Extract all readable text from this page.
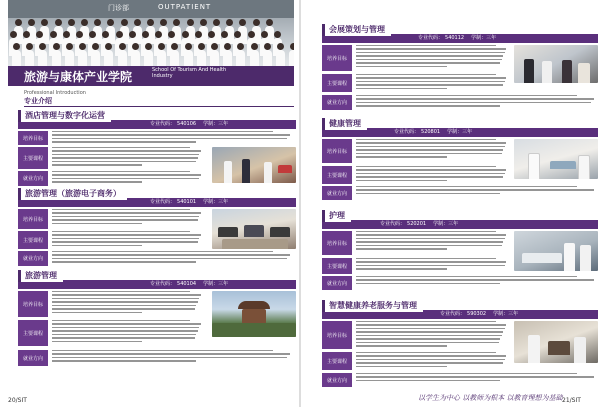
门诊部	OUTPATIENT
旅游与康体产业学院	School Of Tourism And Health Industry
Professional Introduction
专业介绍
酒店管理与数字化运营
专业代码： 540106 学制：三年
培养目标
主要课程
就业方向
旅游管理（旅游电子商务）
专业代码： 540101 学制：三年
培养目标
主要课程
就业方向
旅游管理
专业代码： 540104 学制：三年
培养目标
主要课程
就业方向
20/SIT
会展策划与管理
专业代码： 540112 学制：三年
培养目标
主要课程
就业方向
健康管理
专业代码： 520801 学制：三年
培养目标
主要课程
就业方向
护理
专业代码： 520201 学制：三年
培养目标
主要课程
就业方向
智慧健康养老服务与管理
专业代码： 590302 学制：三年
培养目标
主要课程
就业方向
以学生为中心 以教师为根本 以教育理想为基础 21/SIT
